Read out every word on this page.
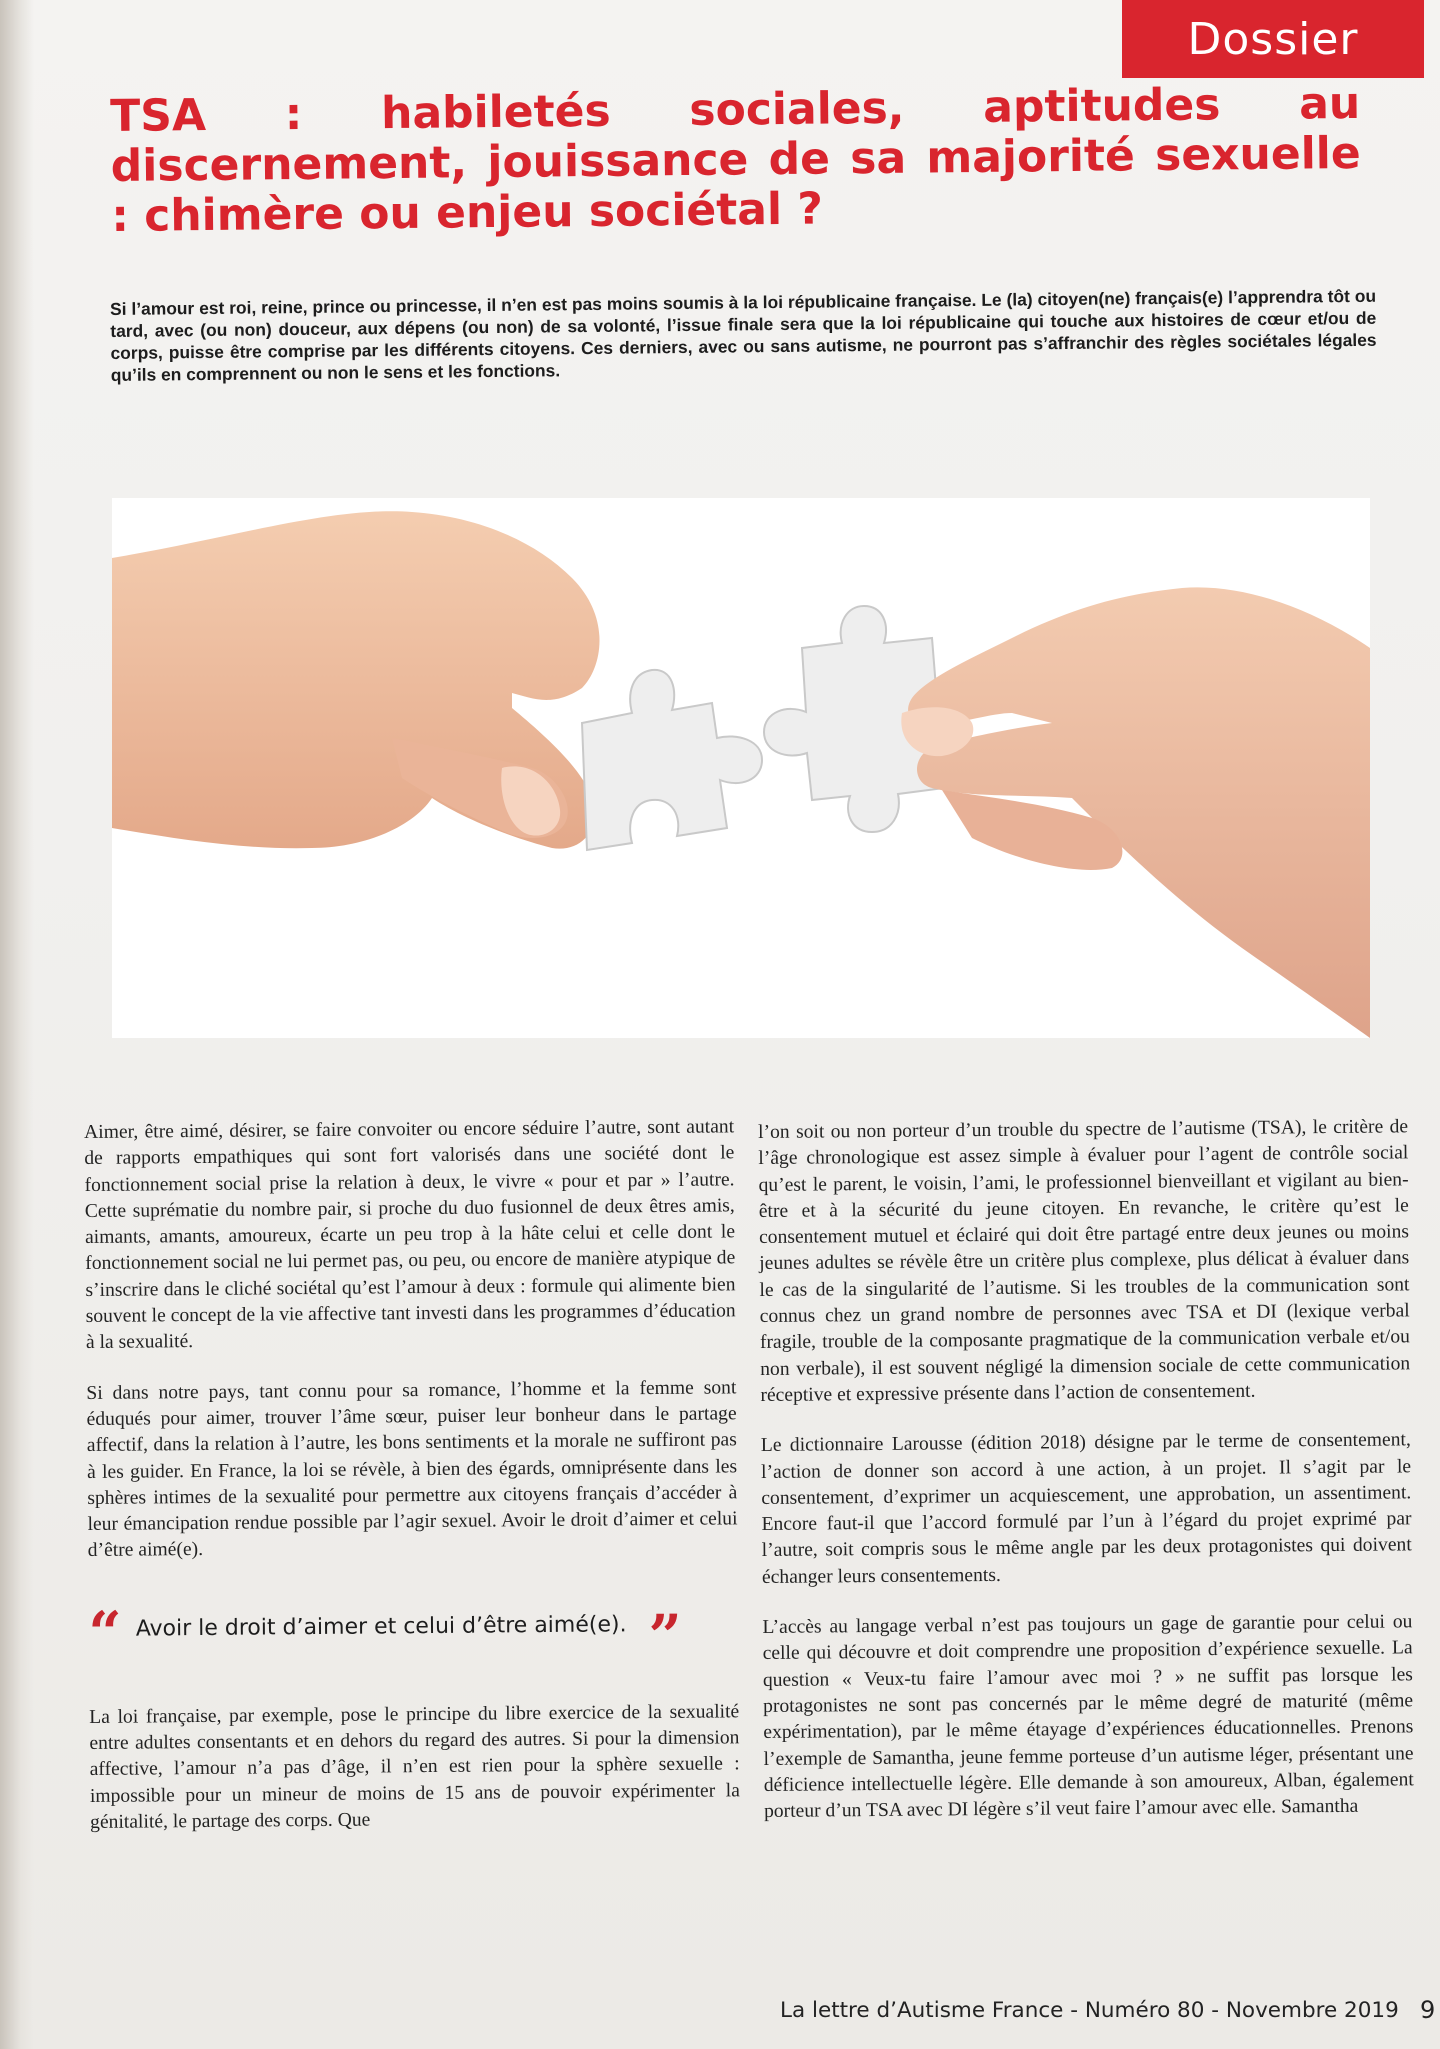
Dossier
TSA : habiletés sociales, aptitudes au discernement, jouissance de sa majorité sexuelle : chimère ou enjeu sociétal ?

Si l’amour est roi, reine, prince ou princesse, il n’en est pas moins soumis à la loi républicaine française. Le (la) citoyen(ne) français(e) l’apprendra tôt ou tard, avec (ou non) douceur, aux dépens (ou non) de sa volonté, l’issue finale sera que la loi républicaine qui touche aux histoires de cœur et/ou de corps, puisse être comprise par les différents citoyens. Ces derniers, avec ou sans autisme, ne pourront pas s’affranchir des règles sociétales légales qu’ils en comprennent ou non le sens et les fonctions.

Aimer, être aimé, désirer, se faire convoiter ou encore séduire l’autre, sont autant de rapports empathiques qui sont fort valorisés dans une société dont le fonctionnement social prise la relation à deux, le vivre « pour et par » l’autre. Cette suprématie du nombre pair, si proche du duo fusionnel de deux êtres amis, aimants, amants, amoureux, écarte un peu trop à la hâte celui et celle dont le fonctionnement social ne lui permet pas, ou peu, ou encore de manière atypique de s’inscrire dans le cliché sociétal qu’est l’amour à deux : formule qui alimente bien souvent le concept de la vie affective tant investi dans les programmes d’éducation à la sexualité.

Si dans notre pays, tant connu pour sa romance, l’homme et la femme sont éduqués pour aimer, trouver l’âme sœur, puiser leur bonheur dans le partage affectif, dans la relation à l’autre, les bons sentiments et la morale ne suffiront pas à les guider. En France, la loi se révèle, à bien des égards, omniprésente dans les sphères intimes de la sexualité pour permettre aux citoyens français d’accéder à leur émancipation rendue possible par l’agir sexuel. Avoir le droit d’aimer et celui d’être aimé(e).

“ Avoir le droit d’aimer et celui d’être aimé(e). ”

La loi française, par exemple, pose le principe du libre exercice de la sexualité entre adultes consentants et en dehors du regard des autres. Si pour la dimension affective, l’amour n’a pas d’âge, il n’en est rien pour la sphère sexuelle : impossible pour un mineur de moins de 15 ans de pouvoir expérimenter la génitalité, le partage des corps. Que

l’on soit ou non porteur d’un trouble du spectre de l’autisme (TSA), le critère de l’âge chronologique est assez simple à évaluer pour l’agent de contrôle social qu’est le parent, le voisin, l’ami, le professionnel bienveillant et vigilant au bien-être et à la sécurité du jeune citoyen. En revanche, le critère qu’est le consentement mutuel et éclairé qui doit être partagé entre deux jeunes ou moins jeunes adultes se révèle être un critère plus complexe, plus délicat à évaluer dans le cas de la singularité de l’autisme. Si les troubles de la communication sont connus chez un grand nombre de personnes avec TSA et DI (lexique verbal fragile, trouble de la composante pragmatique de la communication verbale et/ou non verbale), il est souvent négligé la dimension sociale de cette communication réceptive et expressive présente dans l’action de consentement.

Le dictionnaire Larousse (édition 2018) désigne par le terme de consentement, l’action de donner son accord à une action, à un projet. Il s’agit par le consentement, d’exprimer un acquiescement, une approbation, un assentiment. Encore faut-il que l’accord formulé par l’un à l’égard du projet exprimé par l’autre, soit compris sous le même angle par les deux protagonistes qui doivent échanger leurs consentements.

L’accès au langage verbal n’est pas toujours un gage de garantie pour celui ou celle qui découvre et doit comprendre une proposition d’expérience sexuelle. La question « Veux-tu faire l’amour avec moi ? » ne suffit pas lorsque les protagonistes ne sont pas concernés par le même degré de maturité (même expérimentation), par le même étayage d’expériences éducationnelles. Prenons l’exemple de Samantha, jeune femme porteuse d’un autisme léger, présentant une déficience intellectuelle légère. Elle demande à son amoureux, Alban, également porteur d’un TSA avec DI légère s’il veut faire l’amour avec elle. Samantha

La lettre d’Autisme France - Numéro 80 - Novembre 2019 9
